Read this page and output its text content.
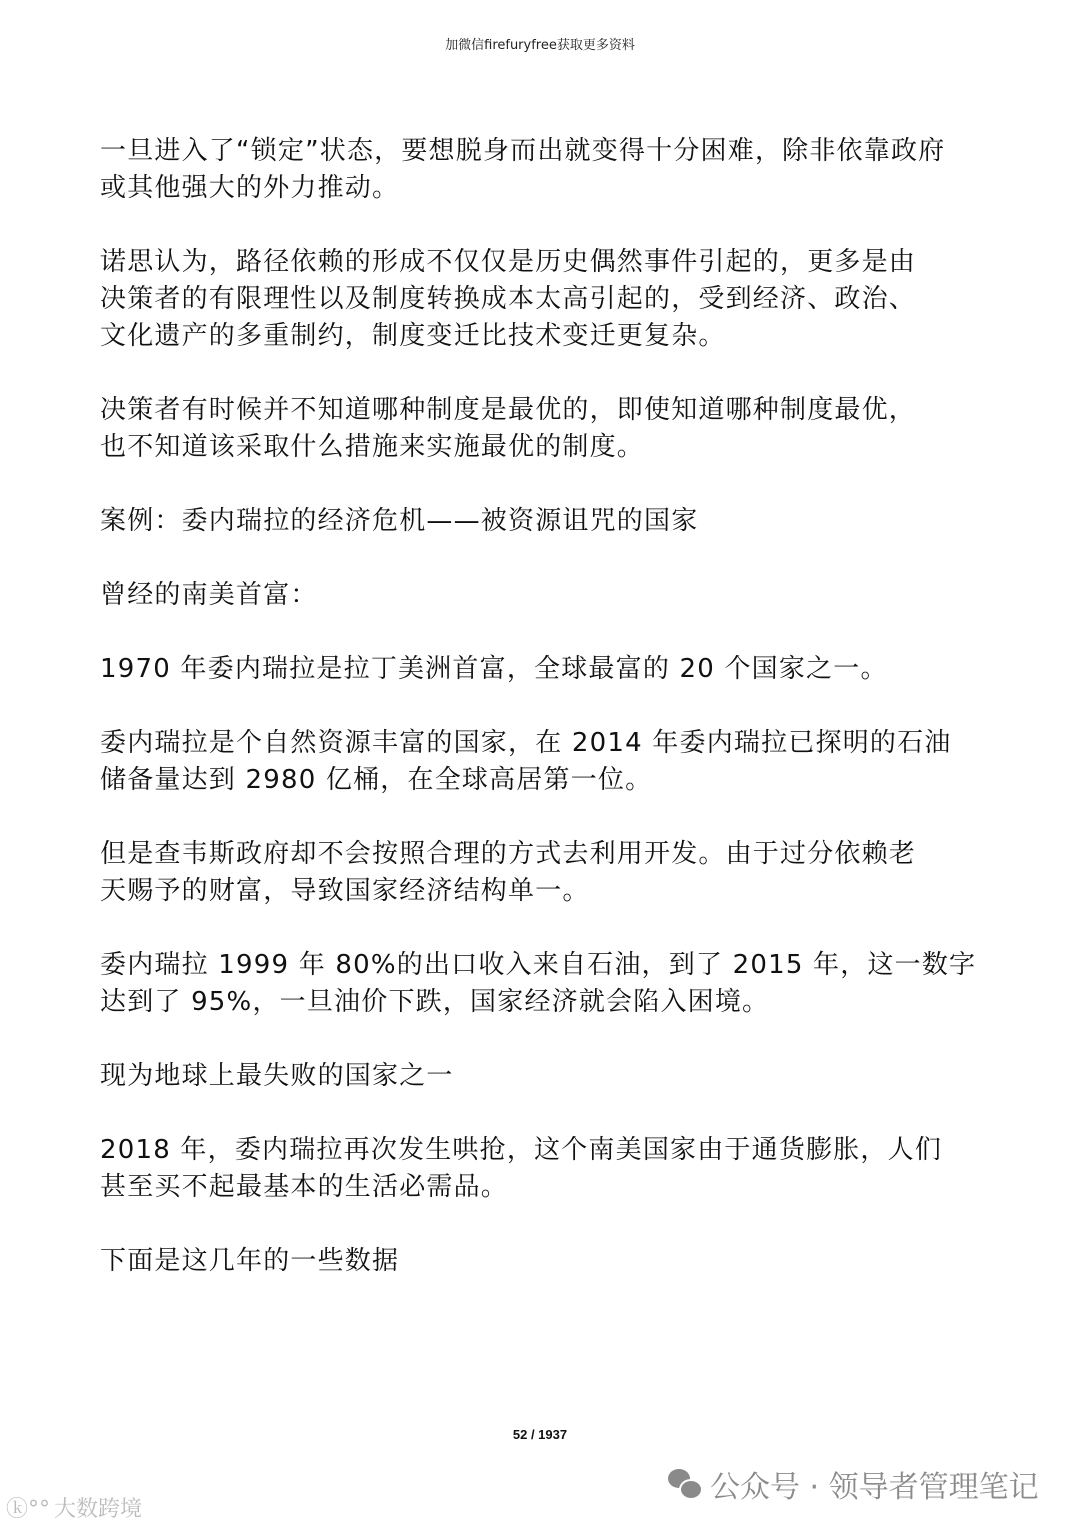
加微信firefuryfree获取更多资料

一旦进入了“锁定”状态，要想脱身而出就变得十分困难，除非依靠政府
或其他强大的外力推动。

诺思认为，路径依赖的形成不仅仅是历史偶然事件引起的，更多是由
决策者的有限理性以及制度转换成本太高引起的，受到经济、政治、
文化遗产的多重制约，制度变迁比技术变迁更复杂。

决策者有时候并不知道哪种制度是最优的，即使知道哪种制度最优，
也不知道该采取什么措施来实施最优的制度。

案例：委内瑞拉的经济危机——被资源诅咒的国家

曾经的南美首富：

1970 年委内瑞拉是拉丁美洲首富，全球最富的 20 个国家之一。

委内瑞拉是个自然资源丰富的国家，在 2014 年委内瑞拉已探明的石油
储备量达到 2980 亿桶，在全球高居第一位。

但是查韦斯政府却不会按照合理的方式去利用开发。由于过分依赖老
天赐予的财富，导致国家经济结构单一。

委内瑞拉 1999 年 80%的出口收入来自石油，到了 2015 年，这一数字
达到了 95%，一旦油价下跌，国家经济就会陷入困境。

现为地球上最失败的国家之一

2018 年，委内瑞拉再次发生哄抢，这个南美国家由于通货膨胀，人们
甚至买不起最基本的生活必需品。

下面是这几年的一些数据

52 / 1937
公众号 · 领导者管理笔记
ⓚ°° 大数跨境
